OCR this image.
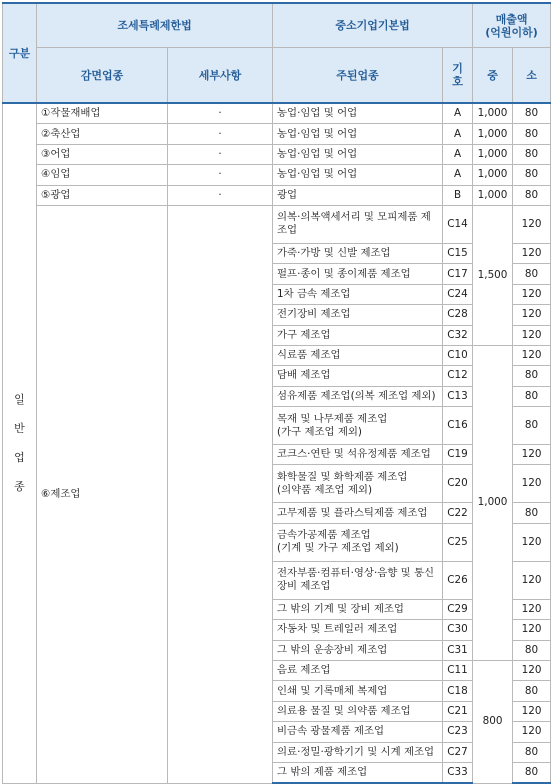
구분	조세특례제한법		중소기업기본법		매출액
(억원이하)	
	감면업종	세부사항	주된업종	기호	중	소

일
반
업
종	①작물재배업	·	농업·임업 및 어업	A	1,000	80
	②축산업	·	농업·임업 및 어업	A	1,000	80
	③어업	·	농업·임업 및 어업	A	1,000	80
	④임업	·	농업·임업 및 어업	A	1,000	80
	⑤광업	·	광업	B	1,000	80
	⑥제조업		의복·의복액세서리 및 모피제품 제조업	C14	1,500	120
			가죽·가방 및 신발 제조업	C15		120
			펄프·종이 및 종이제품 제조업	C17		80
			1차 금속 제조업	C24		120
			전기장비 제조업	C28		120
			가구 제조업	C32		120
			식료품 제조업	C10	1,000	120
			담배 제조업	C12		80
			섬유제품 제조업(의복 제조업 제외)	C13		80
			목재 및 나무제품 제조업
(가구 제조업 제외)	C16		80
			코크스·연탄 및 석유정제품 제조업	C19		120
			화학물질 및 화학제품 제조업
(의약품 제조업 제외)	C20		120
			고무제품 및 플라스틱제품 제조업	C22		80
			금속가공제품 제조업
(기계 및 가구 제조업 제외)	C25		120
			전자부품·컴퓨터·영상·음향 및 통신장비 제조업	C26		120
			그 밖의 기계 및 장비 제조업	C29		120
			자동차 및 트레일러 제조업	C30		120
			그 밖의 운송장비 제조업	C31		80
			음료 제조업	C11	800	120
			인쇄 및 기록매체 복제업	C18		80
			의료용 물질 및 의약품 제조업	C21		120
			비금속 광물제품 제조업	C23		120
			의료·정밀·광학기기 및 시계 제조업	C27		80
			그 밖의 제품 제조업	C33		80
